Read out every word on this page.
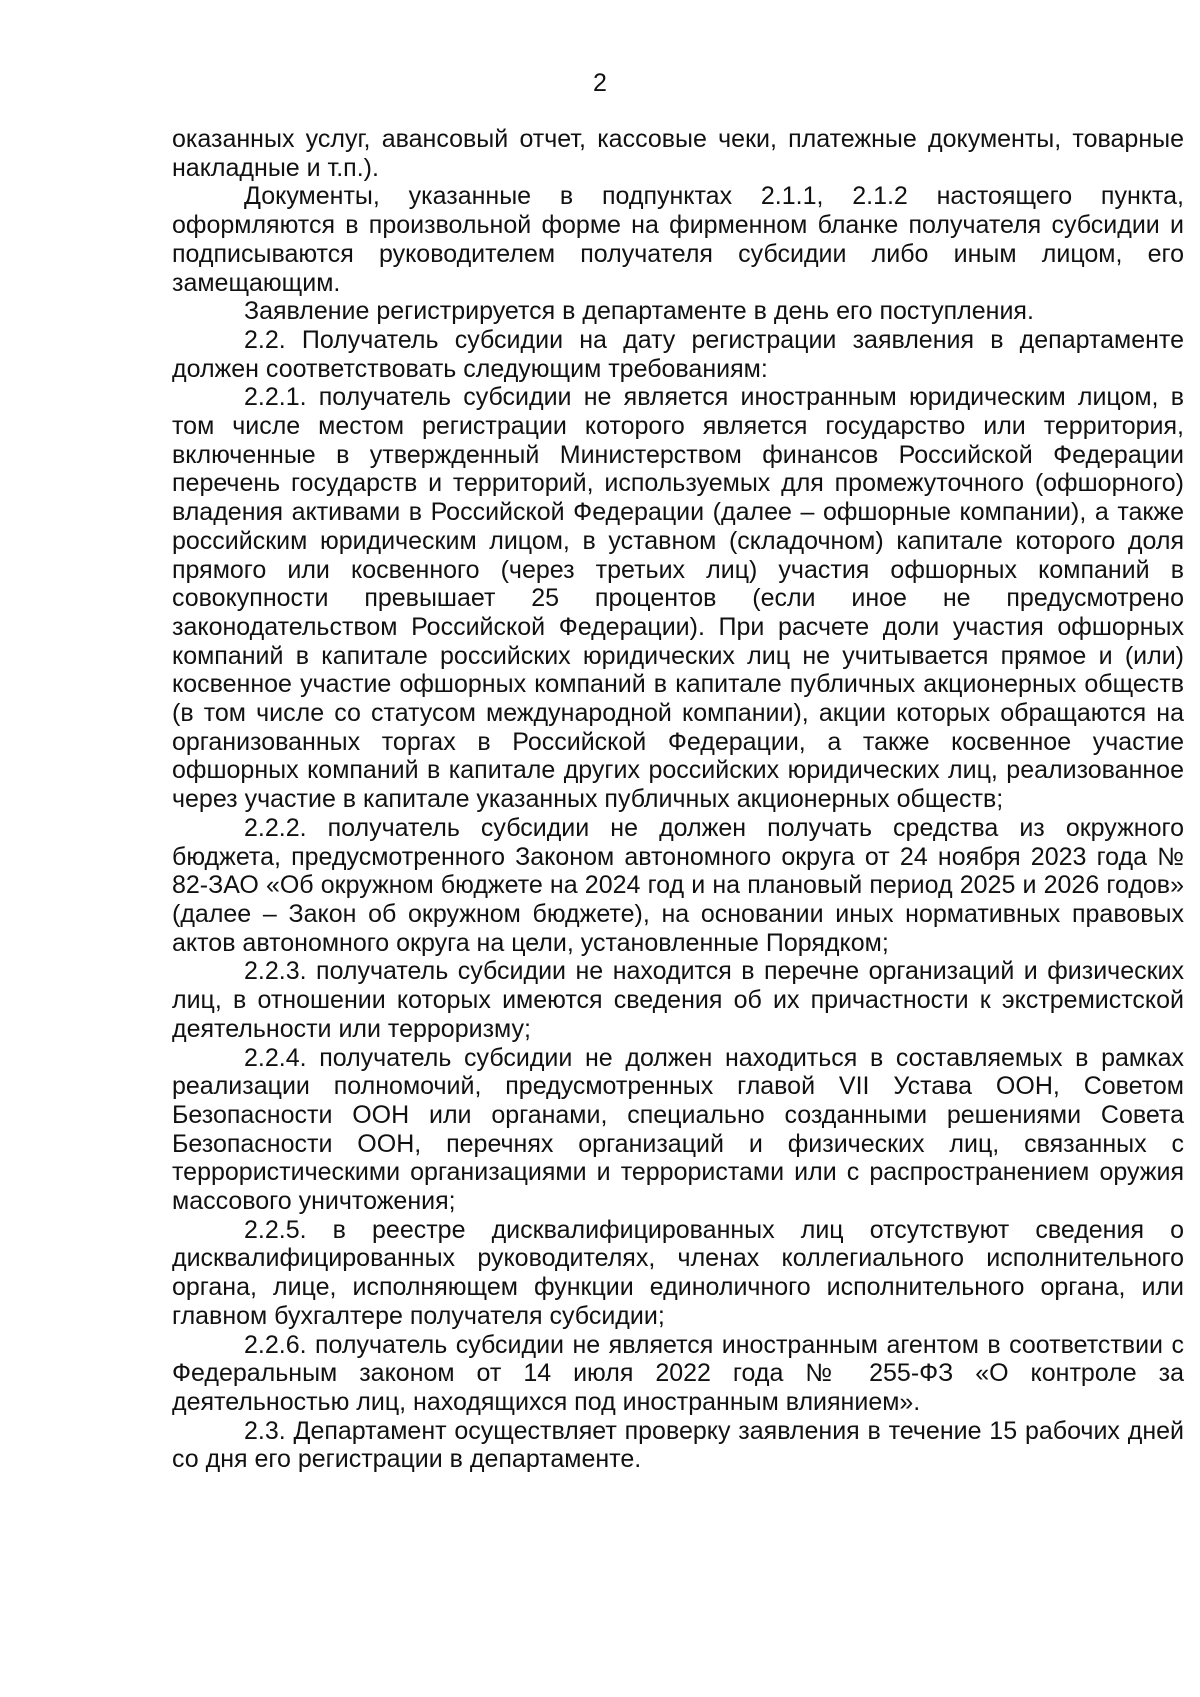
2

оказанных услуг, авансовый отчет, кассовые чеки, платежные документы, товарные накладные и т.п.).

Документы, указанные в подпунктах 2.1.1, 2.1.2 настоящего пункта, оформляются в произвольной форме на фирменном бланке получателя субсидии и подписываются руководителем получателя субсидии либо иным лицом, его замещающим.

Заявление регистрируется в департаменте в день его поступления.

2.2. Получатель субсидии на дату регистрации заявления в департаменте должен соответствовать следующим требованиям:

2.2.1. получатель субсидии не является иностранным юридическим лицом, в том числе местом регистрации которого является государство или территория, включенные в утвержденный Министерством финансов Российской Федерации перечень государств и территорий, используемых для промежуточного (офшорного) владения активами в Российской Федерации (далее – офшорные компании), а также российским юридическим лицом, в уставном (складочном) капитале которого доля прямого или косвенного (через третьих лиц) участия офшорных компаний в совокупности превышает 25 процентов (если иное не предусмотрено законодательством Российской Федерации). При расчете доли участия офшорных компаний в капитале российских юридических лиц не учитывается прямое и (или) косвенное участие офшорных компаний в капитале публичных акционерных обществ (в том числе со статусом международной компании), акции которых обращаются на организованных торгах в Российской Федерации, а также косвенное участие офшорных компаний в капитале других российских юридических лиц, реализованное через участие в капитале указанных публичных акционерных обществ;

2.2.2. получатель субсидии не должен получать средства из окружного бюджета, предусмотренного Законом автономного округа от 24 ноября 2023 года № 82-ЗАО «Об окружном бюджете на 2024 год и на плановый период 2025 и 2026 годов» (далее – Закон об окружном бюджете), на основании иных нормативных правовых актов автономного округа на цели, установленные Порядком;

2.2.3. получатель субсидии не находится в перечне организаций и физических лиц, в отношении которых имеются сведения об их причастности к экстремистской деятельности или терроризму;

2.2.4. получатель субсидии не должен находиться в составляемых в рамках реализации полномочий, предусмотренных главой VII Устава ООН, Советом Безопасности ООН или органами, специально созданными решениями Совета Безопасности ООН, перечнях организаций и физических лиц, связанных с террористическими организациями и террористами или с распространением оружия массового уничтожения;

2.2.5. в реестре дисквалифицированных лиц отсутствуют сведения о дисквалифицированных руководителях, членах коллегиального исполнительного органа, лице, исполняющем функции единоличного исполнительного органа, или главном бухгалтере получателя субсидии;

2.2.6. получатель субсидии не является иностранным агентом в соответствии с Федеральным законом от 14 июля 2022 года № 255-ФЗ «О контроле за деятельностью лиц, находящихся под иностранным влиянием».

2.3. Департамент осуществляет проверку заявления в течение 15 рабочих дней со дня его регистрации в департаменте.
